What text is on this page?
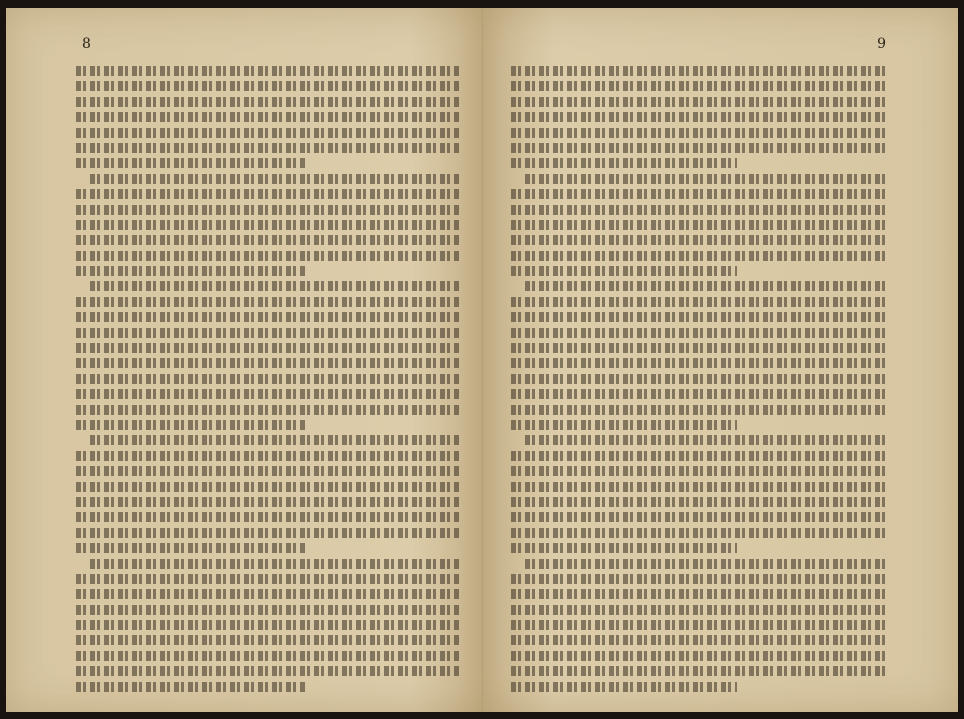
8	9
